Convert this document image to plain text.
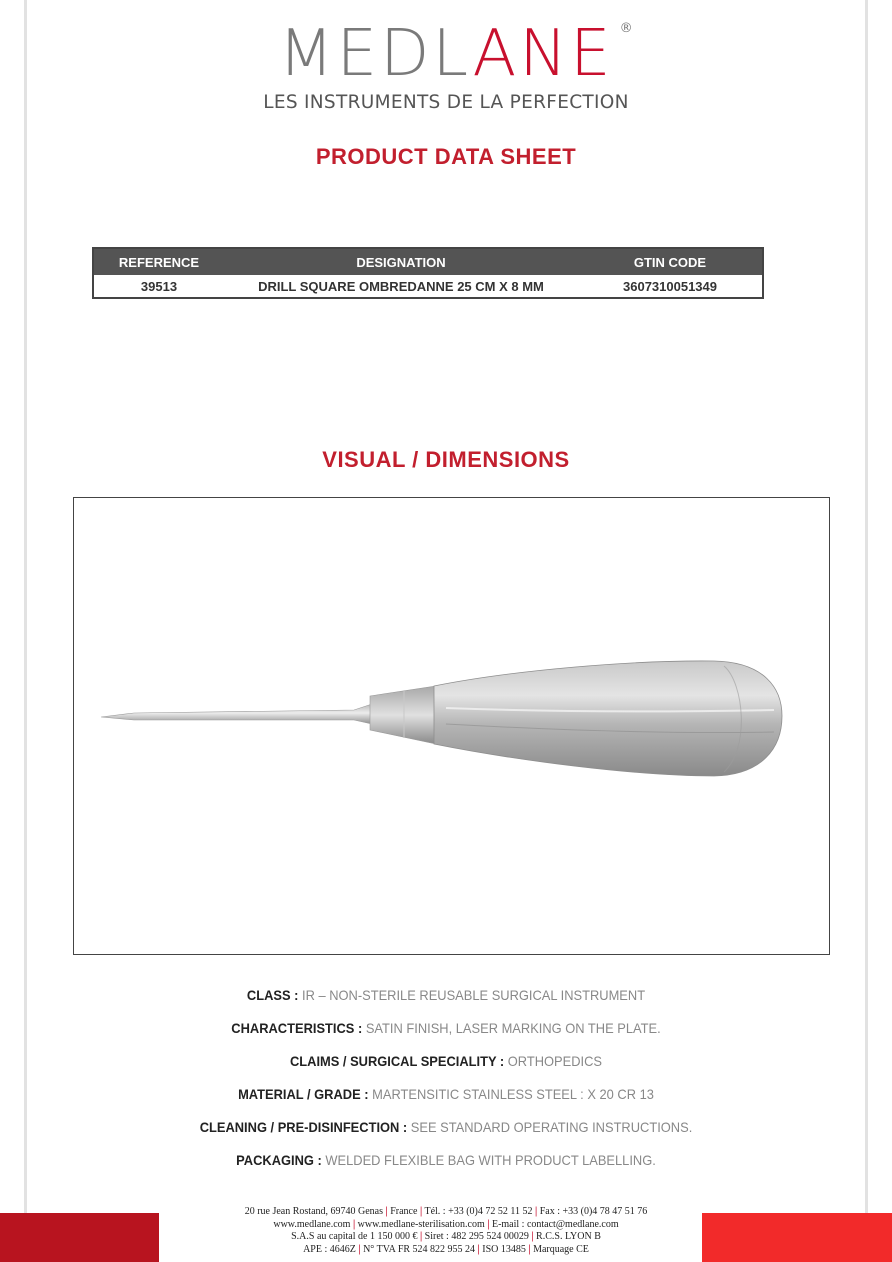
MEDLANE ®
LES INSTRUMENTS DE LA PERFECTION
PRODUCT DATA SHEET
REFERENCE	DESIGNATION	GTIN CODE
39513	DRILL SQUARE OMBREDANNE 25 CM X 8 MM	3607310051349
VISUAL / DIMENSIONS
CLASS : IR – NON-STERILE REUSABLE SURGICAL INSTRUMENT
CHARACTERISTICS : SATIN FINISH, LASER MARKING ON THE PLATE.
CLAIMS / SURGICAL SPECIALITY : ORTHOPEDICS
MATERIAL / GRADE : MARTENSITIC STAINLESS STEEL : X 20 CR 13
CLEANING / PRE-DISINFECTION : SEE STANDARD OPERATING INSTRUCTIONS.
PACKAGING : WELDED FLEXIBLE BAG WITH PRODUCT LABELLING.
20 rue Jean Rostand, 69740 Genas | France | Tél. : +33 (0)4 72 52 11 52 | Fax : +33 (0)4 78 47 51 76
www.medlane.com | www.medlane-sterilisation.com | E-mail : contact@medlane.com
S.A.S au capital de 1 150 000 € | Siret : 482 295 524 00029 | R.C.S. LYON B
APE : 4646Z | N° TVA FR 524 822 955 24 | ISO 13485 | Marquage CE
